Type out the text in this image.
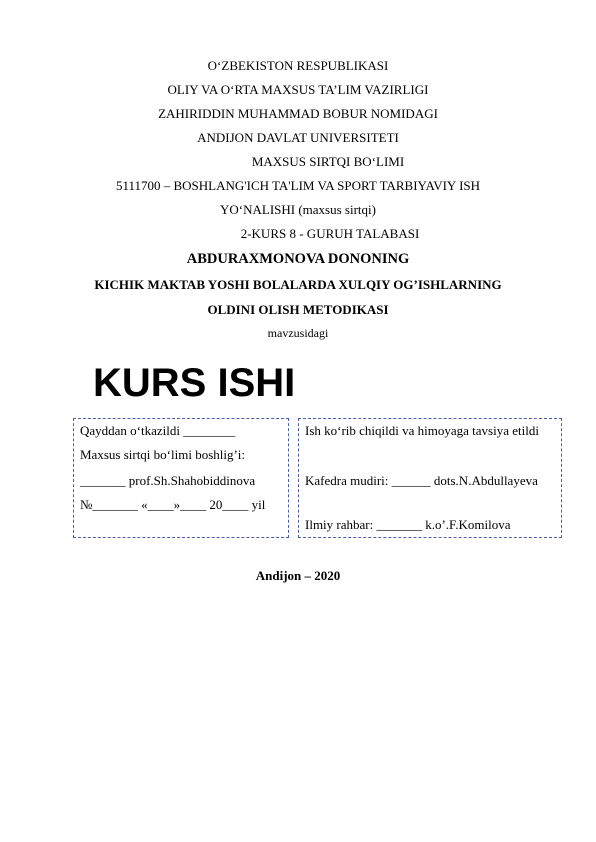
O‘ZBEKISTON RESPUBLIKASI
OLIY VA O‘RTA MAXSUS TA’LIM VAZIRLIGI
ZAHIRIDDIN MUHAMMAD BOBUR NOMIDAGI
ANDIJON DAVLAT UNIVERSITETI
MAXSUS SIRTQI BO‘LIMI
5111700 – BOSHLANG'ICH TA'LIM VA SPORT TARBIYAVIY ISH
YO‘NALISHI (maxsus sirtqi)
2-KURS 8 - GURUH TALABASI
ABDURAXMONOVA DONONING
KICHIK MAKTAB YOSHI BOLALARDA XULQIY OG’ISHLARNING
OLDINI OLISH METODIKASI
mavzusidagi
KURS ISHI
Qayddan o‘tkazildi ________
Maxsus sirtqi bo‘limi boshlig’i:
_______ prof.Sh.Shahobiddinova
№_______ «____»____ 20____ yil
Ish ko‘rib chiqildi va himoyaga tavsiya etildi
Kafedra mudiri: ______ dots.N.Abdullayeva
Ilmiy rahbar: _______ k.o’.F.Komilova
Andijon – 2020
